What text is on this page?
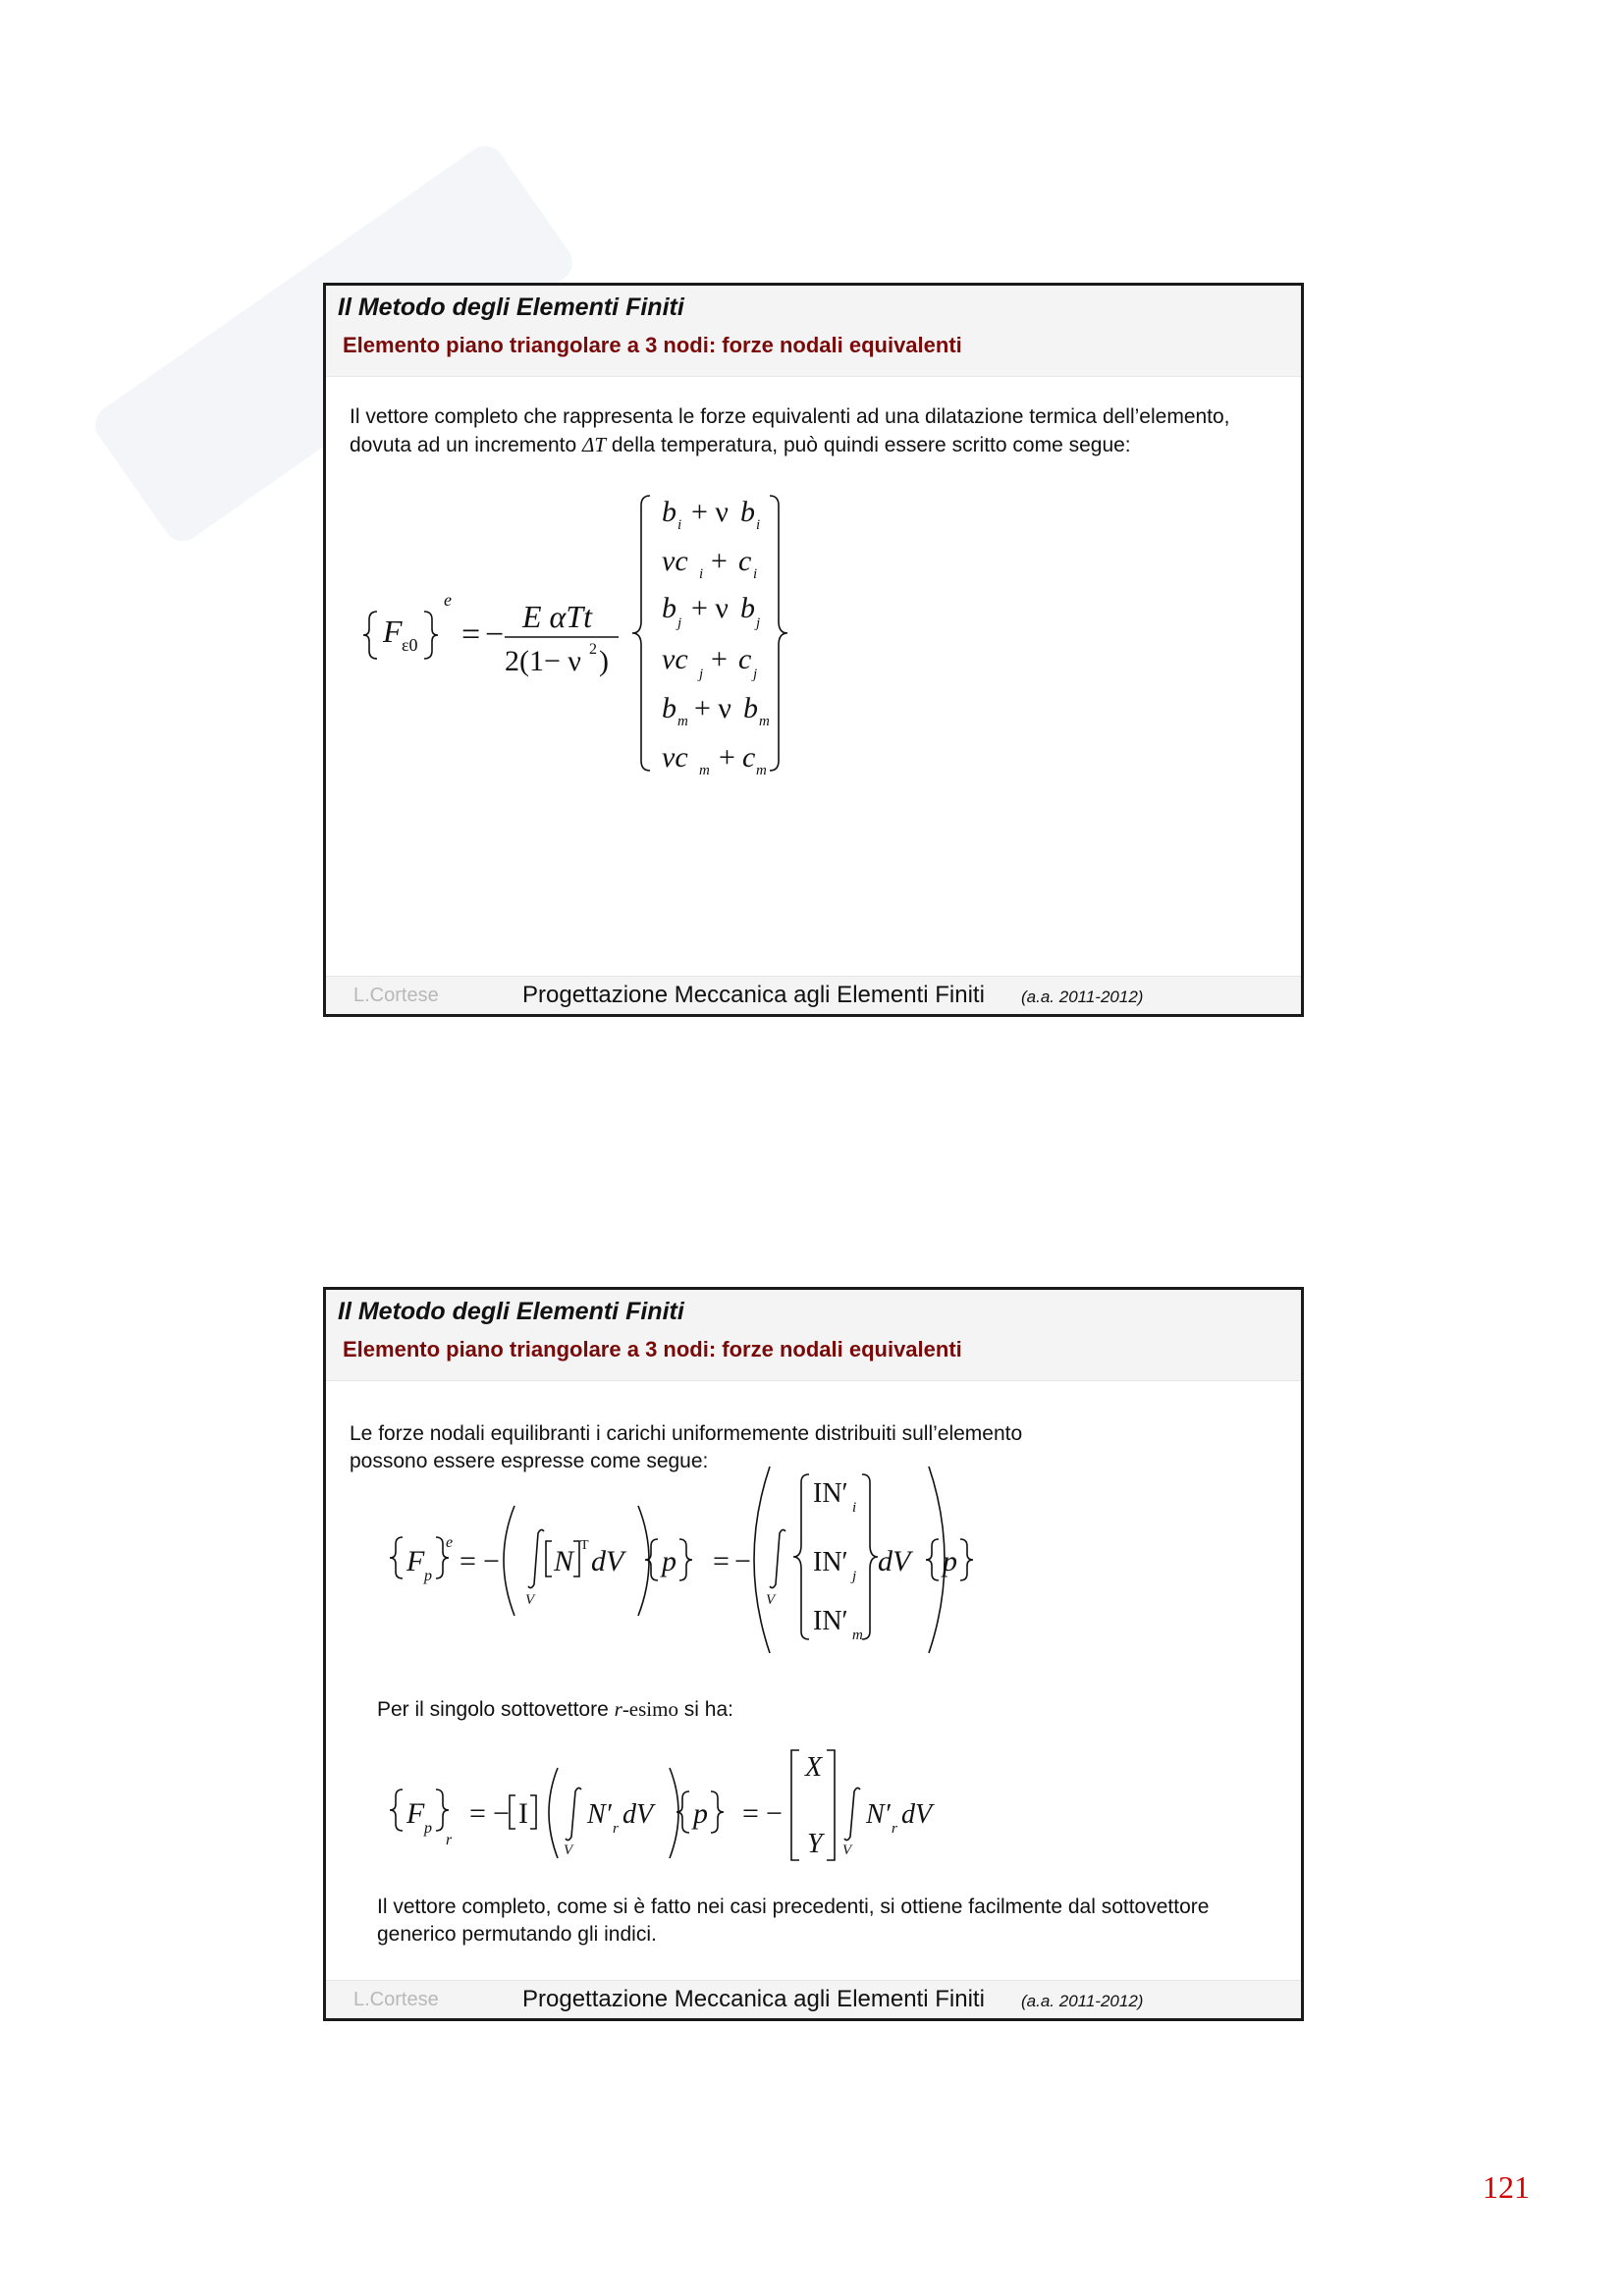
Il Metodo degli Elementi Finiti
Elemento piano triangolare a 3 nodi: forze nodali equivalenti
Il vettore completo che rappresenta le forze equivalenti ad una dilatazione termica dell’elemento,
dovuta ad un incremento ΔT della temperatura, può quindi essere scritto come segue:
F ε0
e
= − E αTt
2(1− ν 2 )
b i + ν b i
νc i + c i
b j + ν b j
νc j + c j
b m + ν b m
νc m + c m
L.Cortese	Progettazione Meccanica agli Elementi Finiti (a.a. 2011-2012)
Il Metodo degli Elementi Finiti
Elemento piano triangolare a 3 nodi: forze nodali equivalenti
Le forze nodali equilibranti i carichi uniformemente distribuiti sull’elemento
possono essere espresse come segue:
F p
e
= −
V
N T dV p = −
V
IN′ i
IN′ j
IN′ m
dV p
Per il singolo sottovettore r-esimo si ha:
F p
r
= − I
V
N′ r dV p = −
X
Y V
N′ r dV
Il vettore completo, come si è fatto nei casi precedenti, si ottiene facilmente dal sottovettore
generico permutando gli indici.
L.Cortese	Progettazione Meccanica agli Elementi Finiti (a.a. 2011-2012)
121
